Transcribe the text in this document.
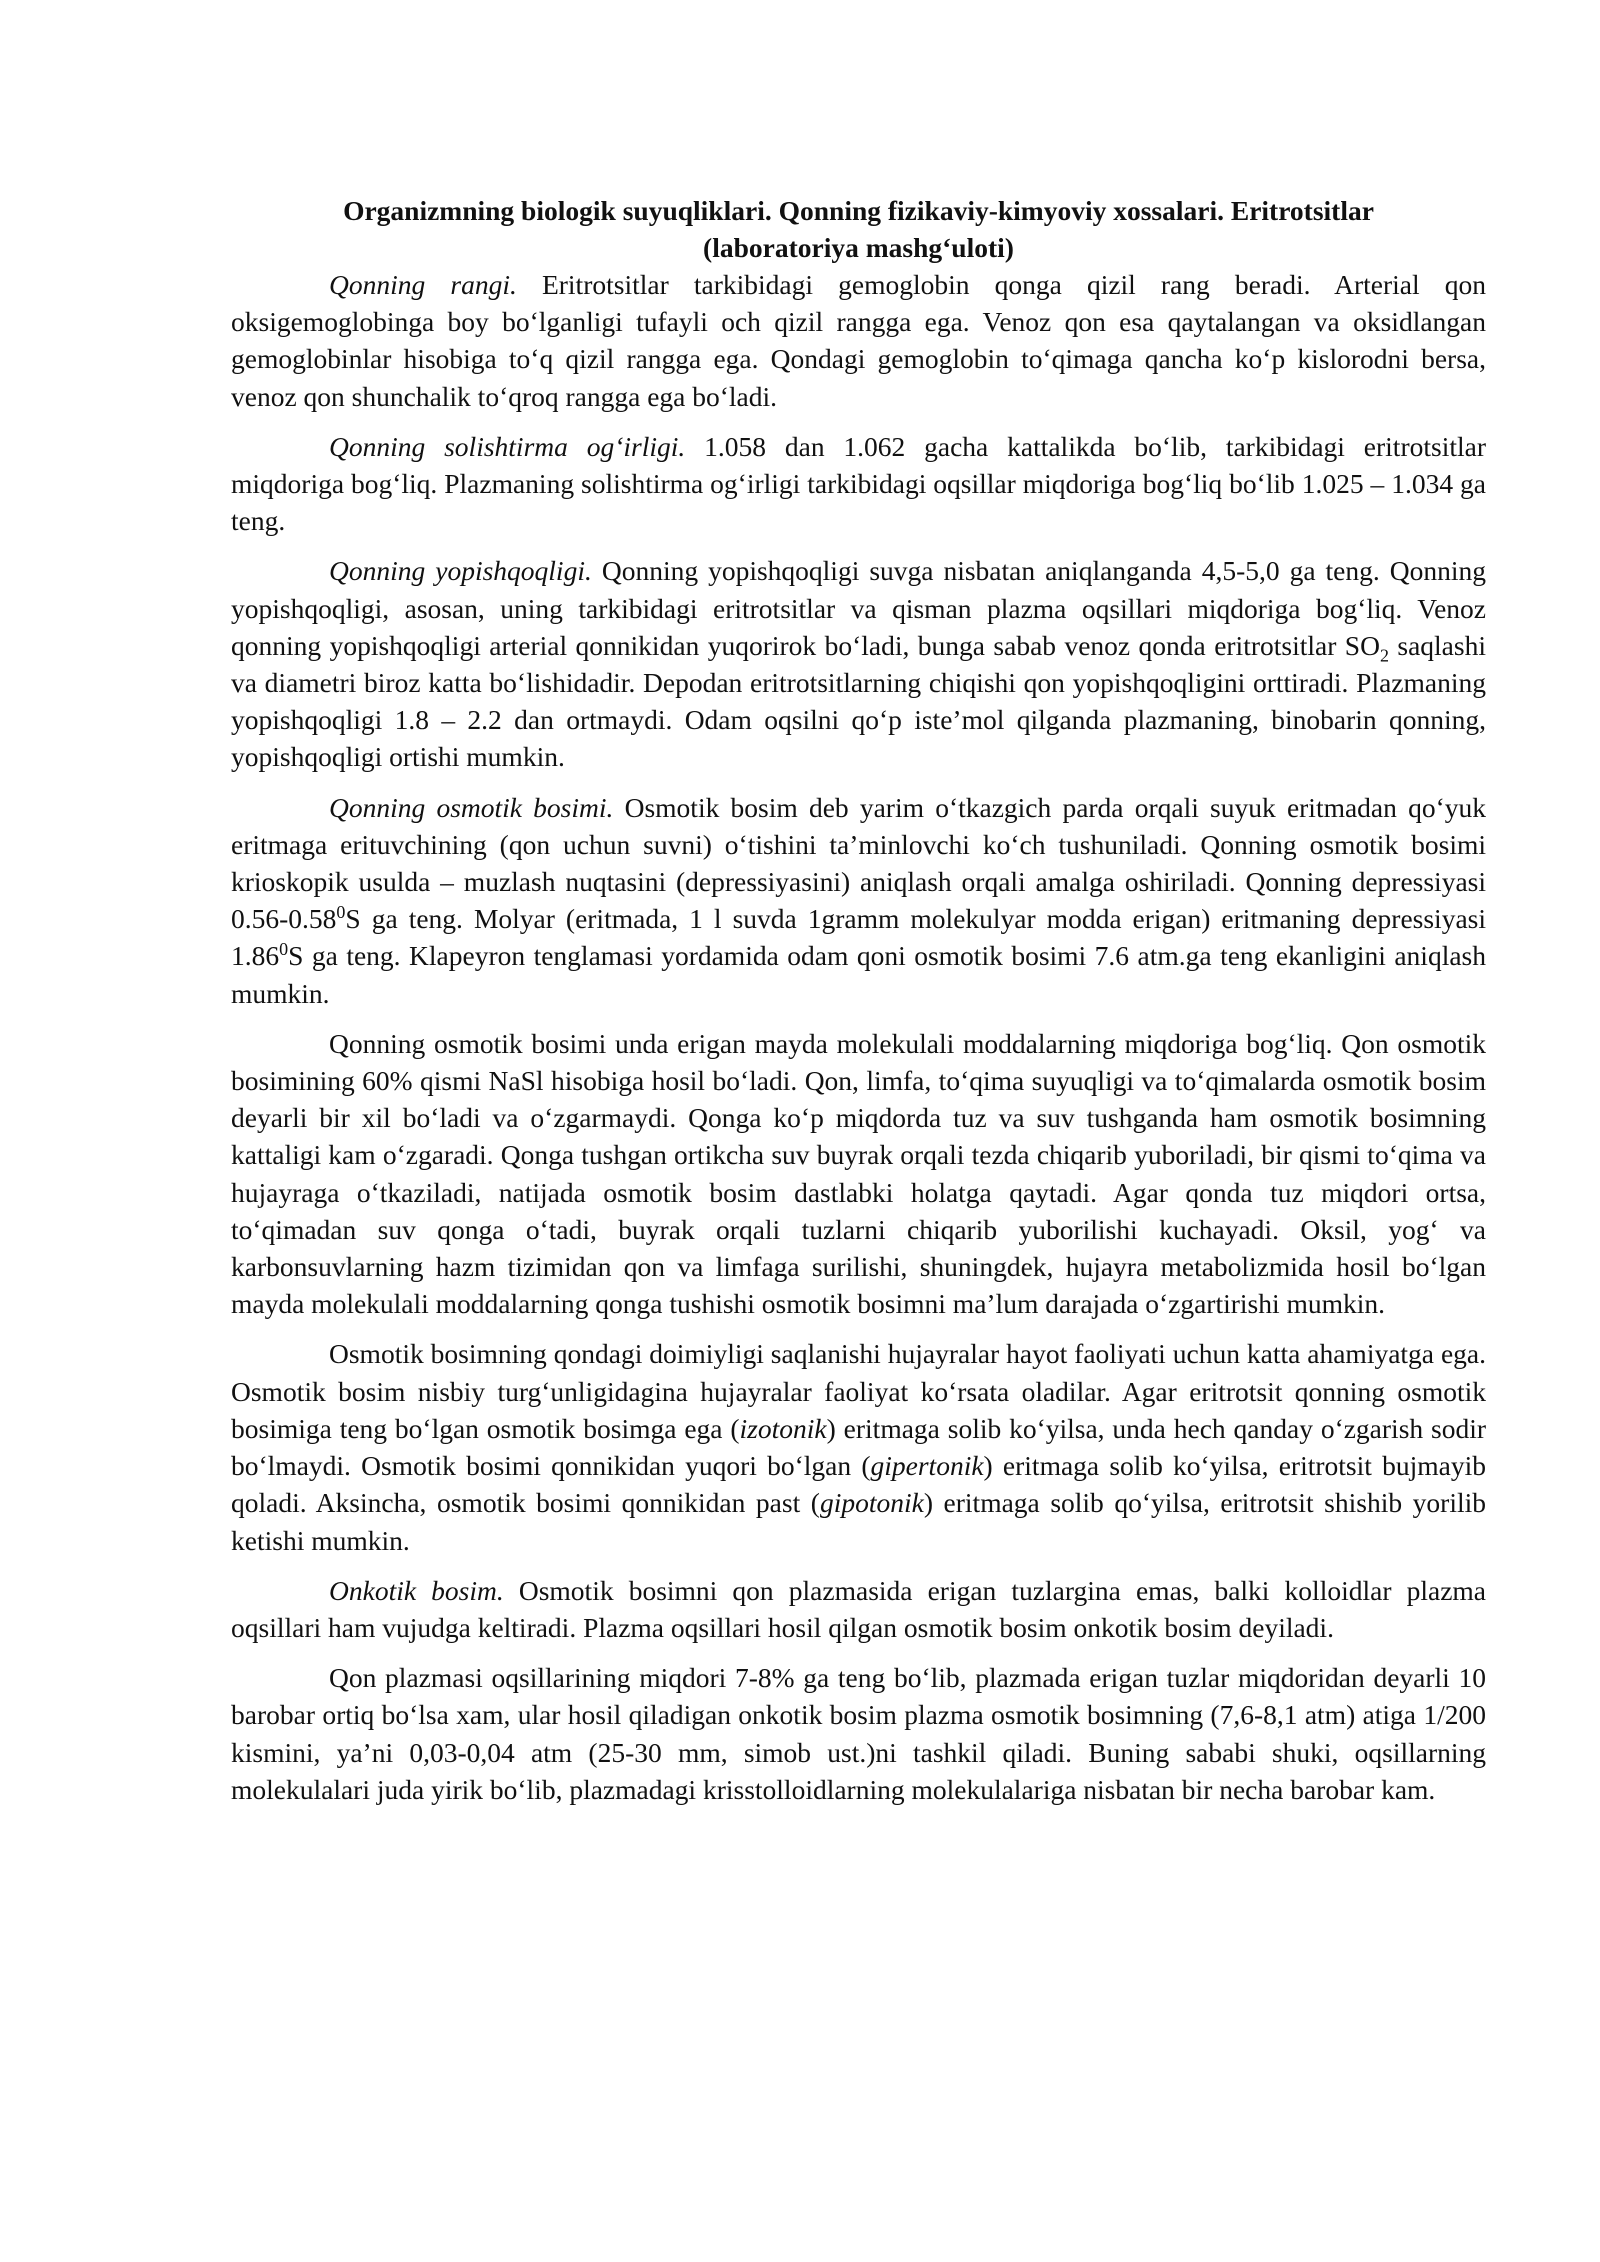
Organizmning biologik suyuqliklari. Qonning fizikaviy-kimyoviy xossalari. Eritrotsitlar
(laboratoriya mashg‘uloti)

Qonning rangi. Eritrotsitlar tarkibidagi gemoglobin qonga qizil rang beradi. Arterial qon oksigemoglobinga boy bo‘lganligi tufayli och qizil rangga ega. Venoz qon esa qaytalangan va oksidlangan gemoglobinlar hisobiga to‘q qizil rangga ega. Qondagi gemoglobin to‘qimaga qancha ko‘p kislorodni bersa, venoz qon shunchalik to‘qroq rangga ega bo‘ladi.

Qonning solishtirma og‘irligi. 1.058 dan 1.062 gacha kattalikda bo‘lib, tarkibidagi eritrotsitlar miqdoriga bog‘liq. Plazmaning solishtirma og‘irligi tarkibidagi oqsillar miqdoriga bog‘liq bo‘lib 1.025 – 1.034 ga teng.

Qonning yopishqoqligi. Qonning yopishqoqligi suvga nisbatan aniqlanganda 4,5-5,0 ga teng. Qonning yopishqoqligi, asosan, uning tarkibidagi eritrotsitlar va qisman plazma oqsillari miqdoriga bog‘liq. Venoz qonning yopishqoqligi arterial qonnikidan yuqorirok bo‘ladi, bunga sabab venoz qonda eritrotsitlar $SO_2$ saqlashi va diametri biroz katta bo‘lishidadir. Depodan eritrotsitlarning chiqishi qon yopishqoqligini orttiradi. Plazmaning yopishqoqligi 1.8 – 2.2 dan ortmaydi. Odam oqsilni qo‘p iste’mol qilganda plazmaning, binobarin qonning, yopishqoqligi ortishi mumkin.

Qonning osmotik bosimi. Osmotik bosim deb yarim o‘tkazgich parda orqali suyuk eritmadan qo‘yuk eritmaga erituvchining (qon uchun suvni) o‘tishini ta’minlovchi ko‘ch tushuniladi. Qonning osmotik bosimi krioskopik usulda – muzlash nuqtasini (depressiyasini) aniqlash orqali amalga oshiriladi. Qonning depressiyasi 0.56-0.58$^0$S ga teng. Molyar (eritmada, 1 l suvda 1gramm molekulyar modda erigan) eritmaning depressiyasi 1.86$^0$S ga teng. Klapeyron tenglamasi yordamida odam qoni osmotik bosimi 7.6 atm.ga teng ekanligini aniqlash mumkin.

Qonning osmotik bosimi unda erigan mayda molekulali moddalarning miqdoriga bog‘liq. Qon osmotik bosimining 60% qismi NaSl hisobiga hosil bo‘ladi. Qon, limfa, to‘qima suyuqligi va to‘qimalarda osmotik bosim deyarli bir xil bo‘ladi va o‘zgarmaydi. Qonga ko‘p miqdorda tuz va suv tushganda ham osmotik bosimning kattaligi kam o‘zgaradi. Qonga tushgan ortikcha suv buyrak orqali tezda chiqarib yuboriladi, bir qismi to‘qima va hujayraga o‘tkaziladi, natijada osmotik bosim dastlabki holatga qaytadi. Agar qonda tuz miqdori ortsa, to‘qimadan suv qonga o‘tadi, buyrak orqali tuzlarni chiqarib yuborilishi kuchayadi. Oksil, yog‘ va karbonsuvlarning hazm tizimidan qon va limfaga surilishi, shuningdek, hujayra metabolizmida hosil bo‘lgan mayda molekulali moddalarning qonga tushishi osmotik bosimni ma’lum darajada o‘zgartirishi mumkin.

Osmotik bosimning qondagi doimiyligi saqlanishi hujayralar hayot faoliyati uchun katta ahamiyatga ega. Osmotik bosim nisbiy turg‘unligidagina hujayralar faoliyat ko‘rsata oladilar. Agar eritrotsit qonning osmotik bosimiga teng bo‘lgan osmotik bosimga ega (izotonik) eritmaga solib ko‘yilsa, unda hech qanday o‘zgarish sodir bo‘lmaydi. Osmotik bosimi qonnikidan yuqori bo‘lgan (gipertonik) eritmaga solib ko‘yilsa, eritrotsit bujmayib qoladi. Aksincha, osmotik bosimi qonnikidan past (gipotonik) eritmaga solib qo‘yilsa, eritrotsit shishib yorilib ketishi mumkin.

Onkotik bosim. Osmotik bosimni qon plazmasida erigan tuzlargina emas, balki kolloidlar plazma oqsillari ham vujudga keltiradi. Plazma oqsillari hosil qilgan osmotik bosim onkotik bosim deyiladi.

Qon plazmasi oqsillarining miqdori 7-8% ga teng bo‘lib, plazmada erigan tuzlar miqdoridan deyarli 10 barobar ortiq bo‘lsa xam, ular hosil qiladigan onkotik bosim plazma osmotik bosimning (7,6-8,1 atm) atiga 1/200 kismini, ya’ni 0,03-0,04 atm (25-30 mm, simob ust.)ni tashkil qiladi. Buning sababi shuki, oqsillarning molekulalari juda yirik bo‘lib, plazmadagi krisstolloidlarning molekulalariga nisbatan bir necha barobar kam.
